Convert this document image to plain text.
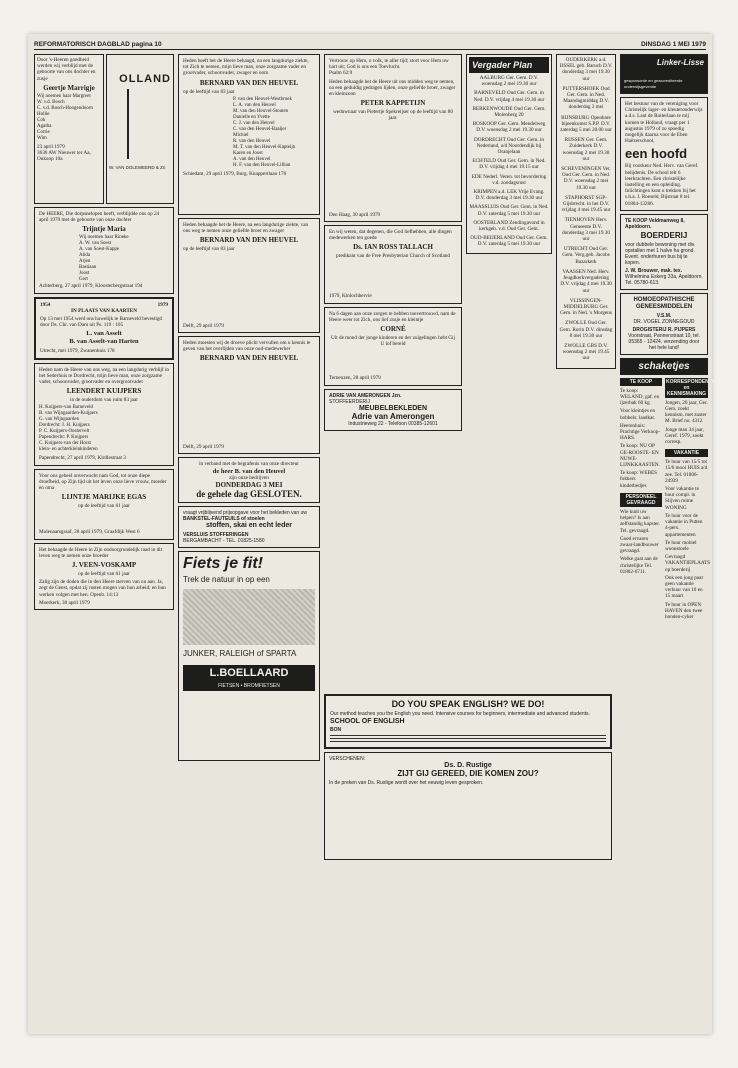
REFORMATORISCH DAGBLAD pagina 10	DINSDAG 1 MEI 1979
Door 's-Heeren goedheid werden wij verblijd met de geboorte van ons dochter en zusje
Geertje Marrigje
Wij noemen haar Margreet
W. v.d. Bosch
C. v.d. Bosch-Hoogendoorn
Hollie
Cok
Agatha
Corrie
Wim
23 april 1979
3636 AW Nieuwer ter Aa, Oukoop 10a
OLLAND
W. VAN DOLEWEERD & Zn
De HEERE, Die dorpsnelopen heeft, verblijdde ons op 24 april 1979 met de geboorte van onze dochter
Trijntje Maria
Wij noemen haar Rineke
A. W. van Soest
A. van Soest-Kappe
Alida
Arjen
Bastiaan
Joost
Gert
Achterberg, 27 april 1979, Kloosterbergstraat 194
1954	1979
IN PLAATS VAN KAARTEN
Op 13 mei 1954 werd ons huwelijk te Barneveld bevestigd door Ds. Chr. van Dam uit Ps. 119 : 105
L. van Asselt
B. van Asselt-van Harten
Utrecht, mei 1979, Zwanenhuis 178
Heden nam de Heere van ons weg, na een langdurig verblijf in het Sederhuis te Dordrecht, mijn lieve man, onze zorgzame vader, schoonvader, grootvader en overgrootvader
LEENDERT KUIJPERS
in de ouderdom van ruim 83 jaar
H. Kuijpers-van Barneveld
B. van Wijngaarden-Kuijpers
G. van Wijngaarden
Dordrecht: J. H. Kuijpers
P. C. Kuijpers-Oostervelt
Papendrecht: P. Kuijpers
C. Kuijpers-van der Horst
klein- en achterkleinkinderen
Papendrecht, 27 april 1979, Kirdlestraat 3
Voor ons geheel onverwacht nam God, tot onze diepe droefheid, op Zijn tijd uit het leven onze lieve vrouw, moeder en oma
LIJNTJE MARIJKE EGAS
op de leeftijd van 61 jaar
Molenaarsgraaf, 28 april 1979, Graafdijk West 6
Het behaagde de Heere in Zijn ondoorgrondelijk raad in dit leven weg te nemen onze broeder
J. VEEN-VOSKAMP
op de leeftijd van 61 jaar
Zalig zijn de doden die in den Heere sterven van nu aan. Ja, zegt de Geest, opdat zij rusten mogen van hun arbeid; en hun werken volgen met hen. Openb. 14:13
Moerkerk, 30 april 1979
Heden heeft het de Heere behaagd, na een langdurige ziekte, tot Zich te nemen, mijn lieve man, onze zorgzame vader en grootvader, schoonvader, zwager en oom
BERNARD VAN DEN HEUVEL
op de leeftijd van 83 jaar
P. van den Heuvel-Westbroek
L. A. van den Heuvel
M. van den Heuvel-Stouten
Danielle en Yvette
C. J. van den Heuvel
C. van den Heuvel-Baaljer
Michiel
R. van den Heuvel
M. T. van den Heuvel-Kapteijn
Karen en Joost
A. van den Heuvel
H. F. van den Heuvel-Lillian
Schiedam, 29 april 1979, Burg. Knappertlaan 176
Heden behaagde het de Heere, na een langdurige ziekte, van ons weg te nemen onze geliefde broer en zwager
BERNARD VAN DEN HEUVEL
op de leeftijd van 83 jaar
Delft, 29 april 1979
Heden moesten wij de droeve plicht vervullen om u kennis te geven van het overlijden van onze oud-medewerker
BERNARD VAN DEN HEUVEL
Delft, 29 april 1979
in verband met de begrafenis van onze directeur
de heer B. van den Heuvel
zijn onze bedrijven
DONDERDAG 3 MEI
de gehele dag GESLOTEN.
vraagt vrijblijvend prijsopgave voor het bekleden van uw
BANKSTEL-FAUTEUILS of stoelen
stoffen, skai en echt leder
VERSLUIS STOFFERINGEN
BERGAMBACHT - TEL. 01825-1580
Fiets je fit!
Trek de natuur in op een
JUNKER, RALEIGH of SPARTA
L.BOELLAARD
FIETSEN • BROMFIETSEN
Vertrouw op Hem, o volk, te aller tijd; stort voor Hem uw hart uit; God is ons een Toevlucht.
Psalm 62:9
Heden behaagde het de Heere uit ons midden weg te nemen, na een geduldig gedragen lijden, onze geliefde broer, zwager en kleinzoon
PETER KAPPETIJN
weduwnaar van Pietertje Spekreijser op de leeftijd van 80 jaar.
Den Haag, 30 april 1979
En wij weten, dat degenen, die God liefhebben, alle dingen medewerken ten goede
Ds. IAN ROSS TALLACH
predikant van de Free Presbyterian Church of Scotland
1979, Kinlochbervie
Na 6 dagen aan onze zorgen te hebben toevertrouwd, nam de Heere weer tot Zich, ons lief zusje en kleintje
CORNÉ
Uit de mond der jonge kinderen en der zuigelingen hebt Gij U lof bereid
Terneuzen, 28 april 1979
ADRIE VAN AMERONGEN Jzn.
STOFFEERDERIJ
MEUBELBEKLEDEN
Adrie van Amerongen
Industrieweg 22 - Telefoon 00385-12601
Vergader Plan
AALBURG Ger. Gem. D.V. woensdag 2 mei 19.30 uur
BARNEVELD Oud Ger. Gem. in Ned. D.V. vrijdag 4 mei 19.30 uur
BERKENWOUDE Oud Ger. Gem. Molenberg 20
BOSKOOP Ger. Gem. Mendelweg D.V. woensdag 2 mei 19.30 uur
DORDRECHT Oud Ger. Gem. in Nederland, a/d Noordendijk bij Oranjelaan
ECHTELD Oud Ger. Gem. in Ned. D.V. vrijdag 4 mei 19.15 uur
EDE Nederl. Veren. tot bevordering v.d. zondagsrust
KRIMPEN a.d. LEK Vrije Evang. D.V. donderdag 3 mei 19.30 uur
MAASSLUIS Oud Ger. Gem. in Ned. D.V. zaterdag 5 mei 19.30 uur
OOSTERLAND Zendingavond in kerkgeb. v.d. Oud Ger. Gem.
OUD-BEIJERLAND Oud Ger. Gem. D.V. zaterdag 5 mei 19.30 uur
OUDERKERK a.d. IJSSEL geb. Baruch D.V. donderdag 3 mei 19.30 uur
PUTTERSHOEK Oud Ger. Gem. in Ned. Maandagmiddag D.V. donderdag 3 mei
RIJNSBURG Openbare bijeenkomst S.P.P. D.V. zaterdag 5 mei 20.00 uur
RIJSSEN Ger. Gem. Zuiderkerk D.V. woensdag 2 mei 19.30 uur
SCHEVENINGEN Ver. Oud Ger. Gem. in Ned. D.V. woensdag 2 mei 19.30 uur
STAPHORST SGP-Gijsbrecht. in het D.V. vrijdag 4 mei 19.45 uur
TIENHOVEN Herv. Gemeente D.V. donderdag 3 mei 19.30 uur
UTRECHT Oud Ger. Gem. Verg.geb. Jacobs Bazarkerk
VAASSEN Ned. Herv. Jeugdkerkvergadering D.V. vrijdag 4 mei 19.30 uur
VLISSINGEN-MIDDELBURG Ger. Gem. in Ned. 's Morgens
ZWOLLE Oud Ger. Gem. Rorin D.V. dinsdag 8 mei 19.30 uur
ZWOLLE GBS D.V. woensdag 2 mei 19.45 uur
Linker-Lisse
gesponsorde en geaccrediteerde onderwijsgevende
Het bestuur van de vereniging voor Christelijk lager- en kleuteronderwijs a.d.s. Lant de Ruiterlaan te mij komen te Holland, vraagt per 1 augustus 1979 of zo spoedig mogelijk daarna voor de Eben Haëzerschool,
een hoofd
Bij voorkeur Ned. Herv. van Geref. belijdenis. De school telt 6 leerkrachten. Een christelijke instelling en een opleiding. Inlichtingen kunt u trekken bij het s.h.a. J. Roeseld, Bijstraat 8 tel. 01804-13286.
TE KOOP Veldmanweg 8, Apeldoorn.
BOERDERIJ
voor dubbele bewoning met div. opstallen met 1 halve ha grond. Event. onderhuren bus bij te kopen.
J. W. Brouwer, mak. tex.
Wilhelmina Eskerg 33a, Apeldoorn. Tel. 05780-613.
HOMOEOPATHISCHE GENEESMIDDELEN
V.S.M.
DR. VOGEL ZONNEGOUD
DROGISTERIJ R. PIJPERS
Voorstraat, Pannenstraat 10, tel. 05365 - 12424, verzending door het hele land!
schaketjes
TE KOOP
Te koop: WELAND, gaf. en ijzerbak 60 kg
Voor kleintjes en bobbels: laadkar.
Heerenhuis: Prachtige Verkoop-HARS.
Te koop: NU OP GE-ROOSTE- EN NUWE-LIJNKKAASTEN.
Te koop: WEBES fokkers kinderbedjes
PERSONEEL GEVRAAGD
Wie kunt uw helpen? Is aan zelfstandig kapster. Tel. gevraagd.
Goed ervaren zwaar-landbouwer gevraagd.
Welke gaat aan de christelijke Tel. 01802-6711.
KORRESPONDENTIE en KENNISMAKING
Jongen, 20 jaar, Ger. Gem. zoekt kennism. met zuster M. Brief no. 4312
Jonge man 34 jaar, Geref. 1979, zoekt corresp.
VAKANTIE
Te huur van 15/5 tot 15/6 mooi HUIS a/d zee. Tel. 01806-24939
Voor vakantie te huur compl. in Slijven ruime WONING
Te huur voor de vakantie in Putten 4-pers. appartementen
Te huur mobiel woonstoele
Gevraagd VAKANTIEPLAATS op boerderij
Ook een jong paar geen vakantie verhuur van 10 en 15 maart
Te huur in OPEN HAVEN den twee honden-cyker
DO YOU SPEAK ENGLISH? WE DO!
Our method teaches you the English you need. Intensive courses for beginners, intermediate and advanced students.
SCHOOL OF ENGLISH
BON
VERSCHENEN:
Ds. D. Rustige
ZIJT GIJ GEREED, DIE KOMEN ZOU?
In de preken van Ds. Rustige wordt over het eeuwig leven gesproken.
